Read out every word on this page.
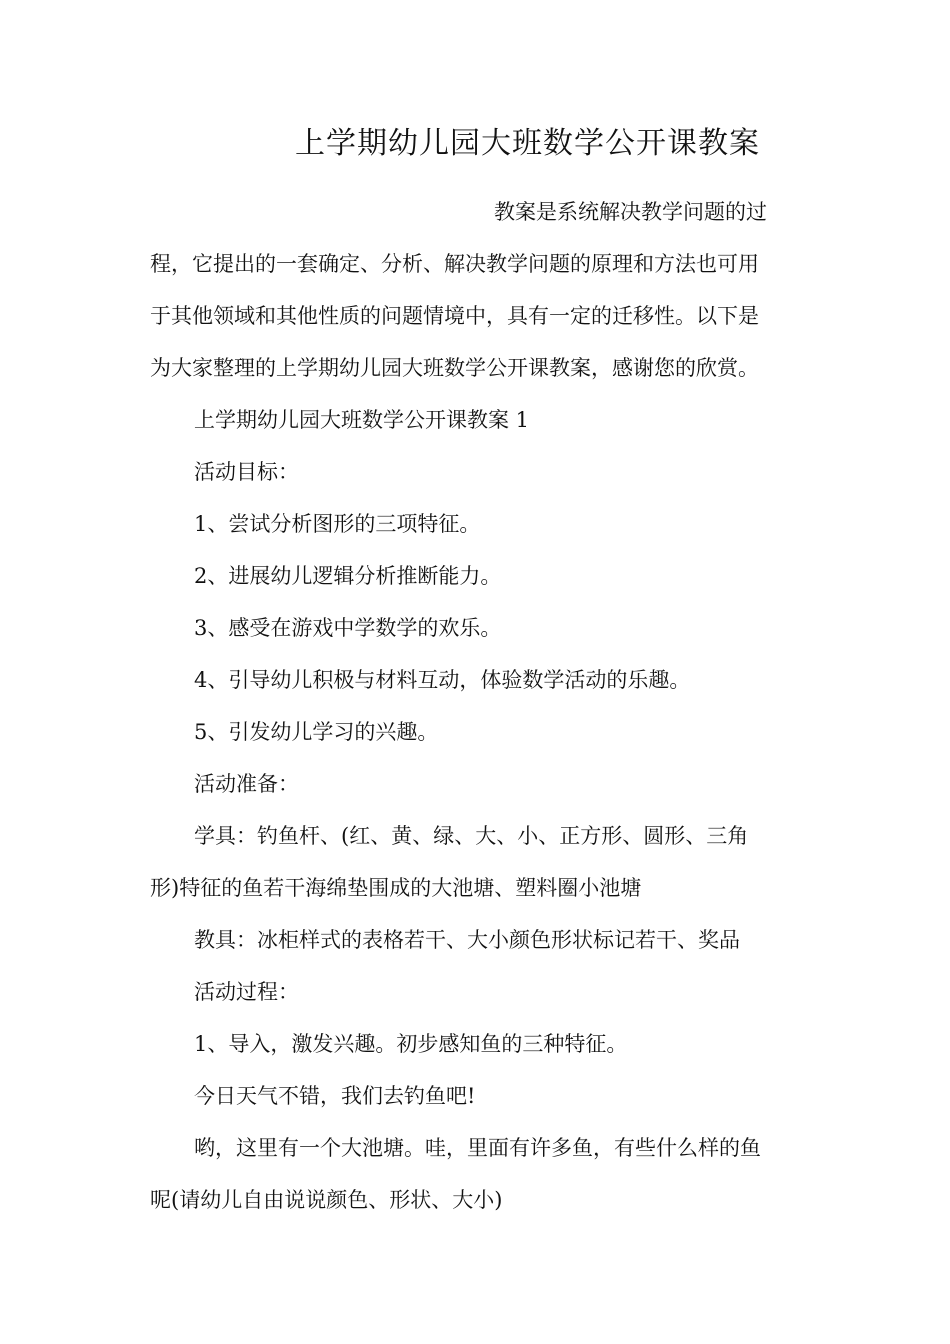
上学期幼儿园大班数学公开课教案

教案是系统解决教学问题的过

程，它提出的一套确定、分析、解决教学问题的原理和方法也可用

于其他领域和其他性质的问题情境中，具有一定的迁移性。以下是

为大家整理的上学期幼儿园大班数学公开课教案，感谢您的欣赏。

上学期幼儿园大班数学公开课教案 1

活动目标：

1、尝试分析图形的三项特征。

2、进展幼儿逻辑分析推断能力。

3、感受在游戏中学数学的欢乐。

4、引导幼儿积极与材料互动，体验数学活动的乐趣。

5、引发幼儿学习的兴趣。

活动准备：

学具：钓鱼杆、(红、黄、绿、大、小、正方形、圆形、三角

形)特征的鱼若干海绵垫围成的大池塘、塑料圈小池塘

教具：冰柜样式的表格若干、大小颜色形状标记若干、奖品

活动过程：

1、导入，激发兴趣。初步感知鱼的三种特征。

今日天气不错，我们去钓鱼吧!

哟，这里有一个大池塘。哇，里面有许多鱼，有些什么样的鱼

呢(请幼儿自由说说颜色、形状、大小)
